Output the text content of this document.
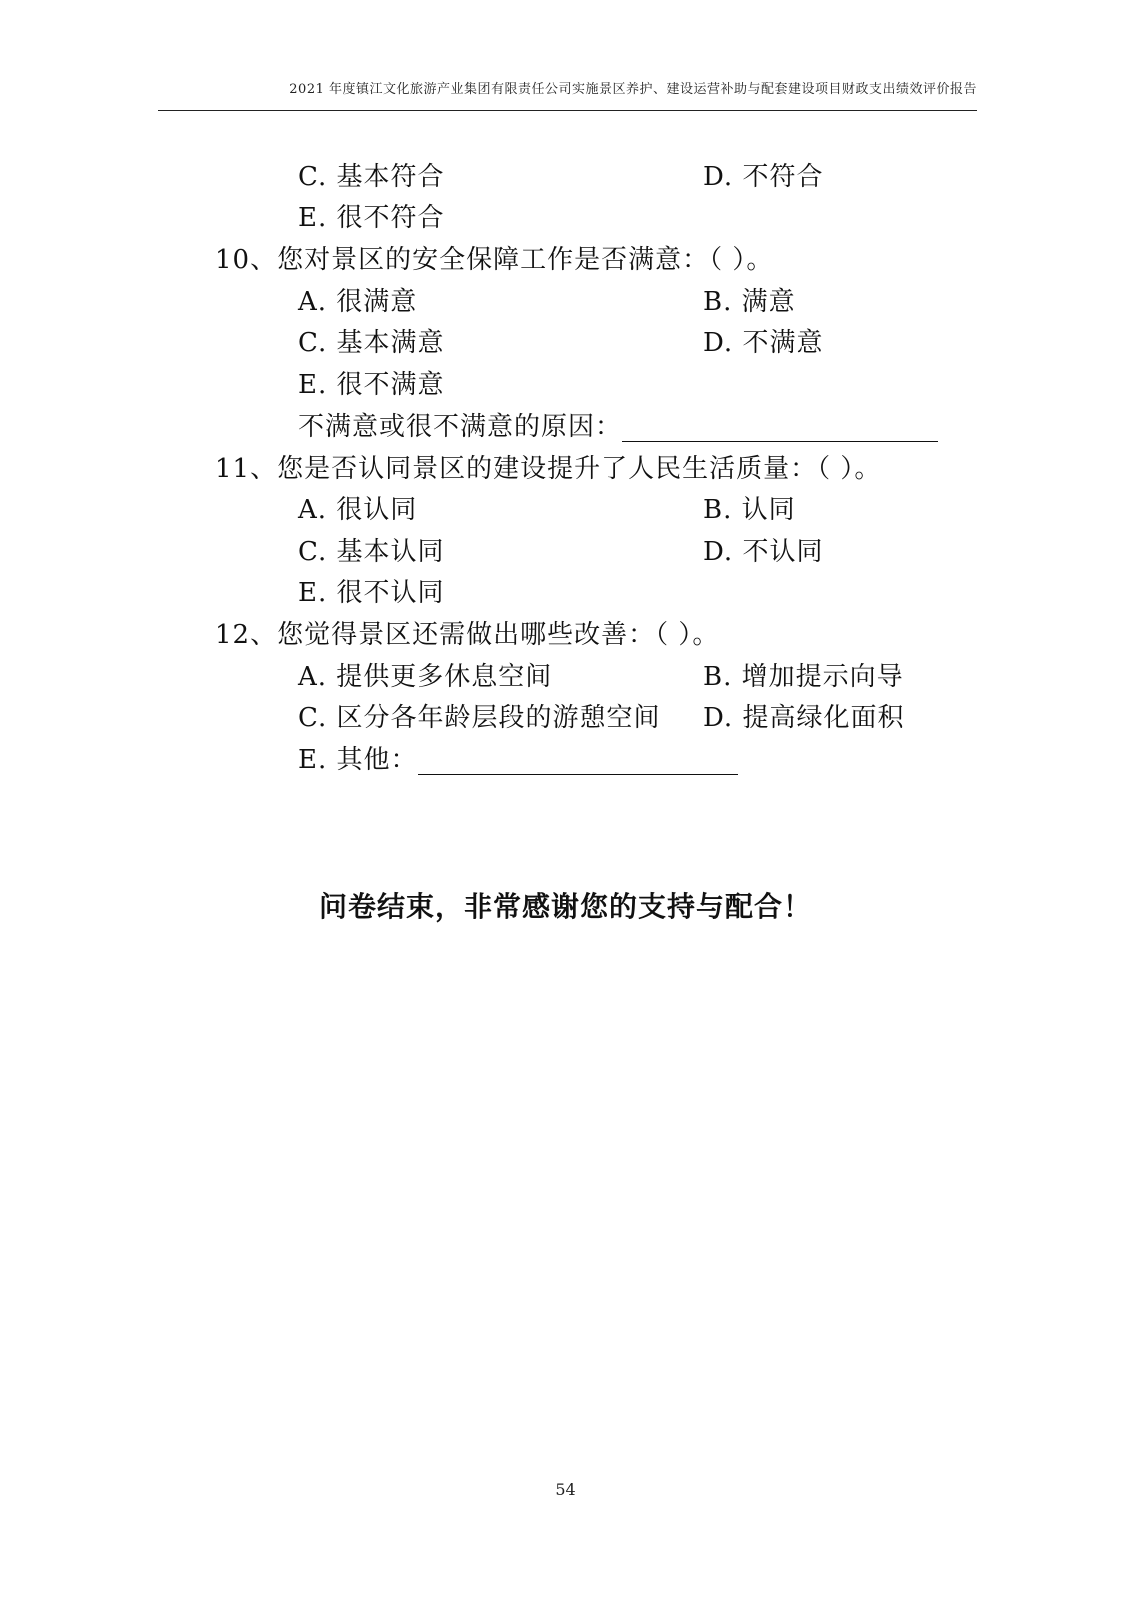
2021 年度镇江文化旅游产业集团有限责任公司实施景区养护、建设运营补助与配套建设项目财政支出绩效评价报告
C. 基本符合	D. 不符合
E. 很不符合
10、您对景区的安全保障工作是否满意：（ ）。
A. 很满意	B. 满意
C. 基本满意	D. 不满意
E. 很不满意
不满意或很不满意的原因：
11、您是否认同景区的建设提升了人民生活质量：（ ）。
A. 很认同	B. 认同
C. 基本认同	D. 不认同
E. 很不认同
12、您觉得景区还需做出哪些改善：（ ）。
A. 提供更多休息空间	B. 增加提示向导
C. 区分各年龄层段的游憩空间 D. 提高绿化面积
E. 其他：
问卷结束，非常感谢您的支持与配合！
54
